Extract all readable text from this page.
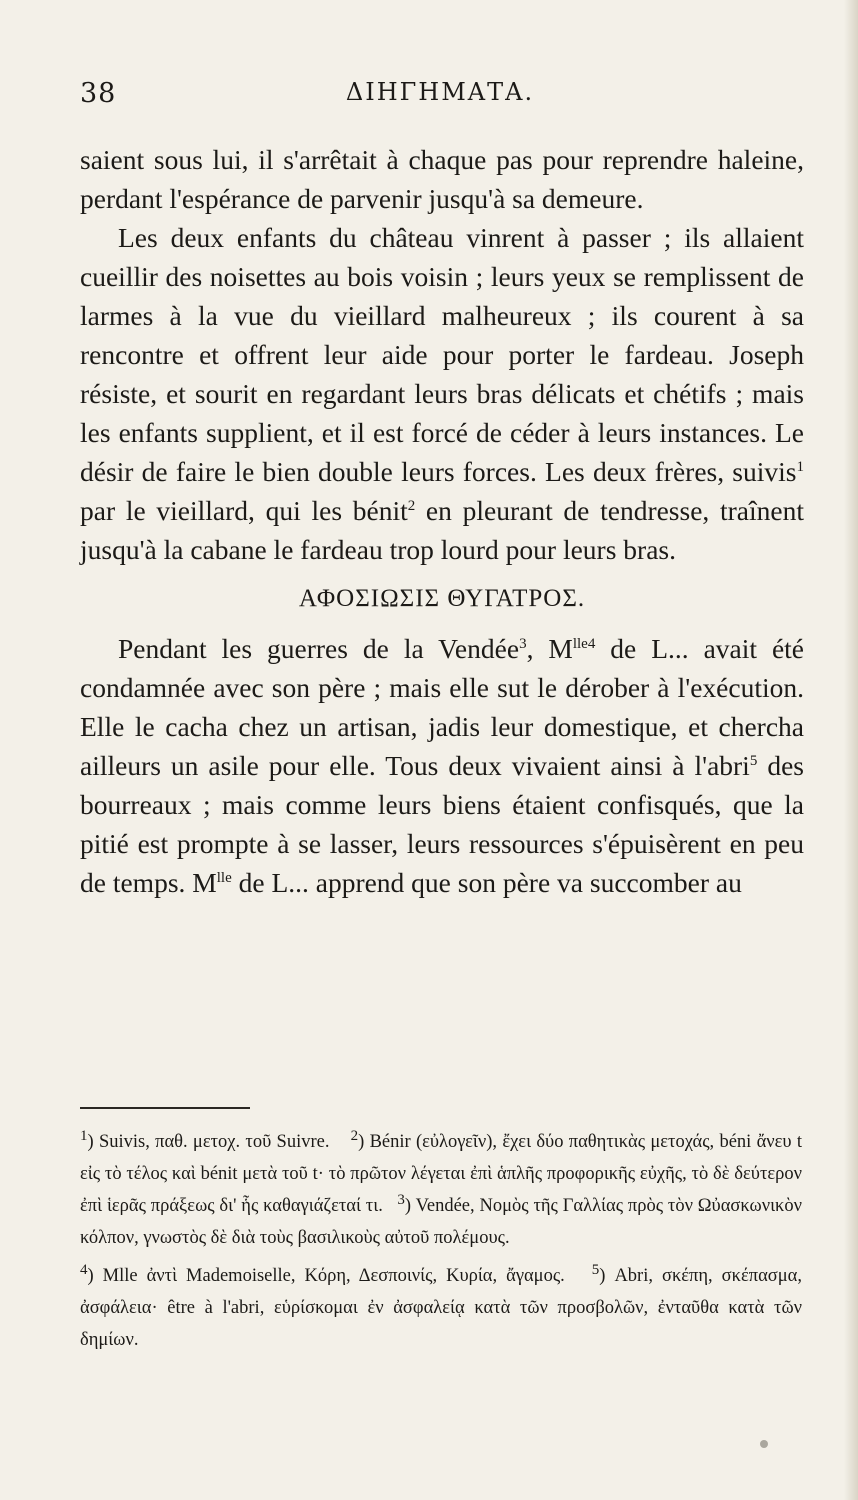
38	ΔΙΗΓΗΜΑΤΑ.

saient sous lui, il s'arrêtait à chaque pas pour reprendre haleine, perdant l'espérance de parvenir jusqu'à sa demeure.

Les deux enfants du château vinrent à passer ; ils allaient cueillir des noisettes au bois voisin ; leurs yeux se remplissent de larmes à la vue du vieillard malheureux ; ils courent à sa rencontre et offrent leur aide pour porter le fardeau. Joseph résiste, et sourit en regardant leurs bras délicats et chétifs ; mais les enfants supplient, et il est forcé de céder à leurs instances. Le désir de faire le bien double leurs forces. Les deux frères, suivis$^1$ par le vieillard, qui les bénit$^2$ en pleurant de tendresse, traînent jusqu'à la cabane le fardeau trop lourd pour leurs bras.

ΑΦΟΣΙΩΣΙΣ ΘΥΓΑΤΡΟΣ.

Pendant les guerres de la Vendée$^3$, $M^{lle4}$ de L... avait été condamnée avec son père ; mais elle sut le dérober à l'exécution. Elle le cacha chez un artisan, jadis leur domestique, et chercha ailleurs un asile pour elle. Tous deux vivaient ainsi à l'abri$^5$ des bourreaux ; mais comme leurs biens étaient confisqués, que la pitié est prompte à se lasser, leurs ressources s'épuisèrent en peu de temps. $M^{lle}$ de L... apprend que son père va succomber au

$^1$) Suivis, παθ. μετοχ. τοῦ Suivre. $^2$) Bénir (εὐλογεῖν), ἔχει δύο παθητικὰς μετοχάς, béni ἄνευ t εἰς τὸ τέλος καὶ bénit μετὰ τοῦ t· τὸ πρῶτον λέγεται ἐπὶ ἁπλῆς προφορικῆς εὐχῆς, τὸ δὲ δεύτερον ἐπὶ ἱερᾶς πράξεως δι' ἧς καθαγιάζεταί τι. $^3$) Vendée, Νομὸς τῆς Γαλλίας πρὸς τὸν Ωὐασκωνικὸν κόλπον, γνωστὸς δὲ διὰ τοὺς βασιλικοὺς αὐτοῦ πολέμους.

$^4$) Mlle ἀντὶ Mademoiselle, Κόρη, Δεσποινίς, Κυρία, ἄγαμος. $^5$) Abri, σκέπη, σκέπασμα, ἀσφάλεια· être à l'abri, εὑρίσκομαι ἐν ἀσφαλείᾳ κατὰ τῶν προσβολῶν, ἐνταῦθα κατὰ τῶν δημίων.
